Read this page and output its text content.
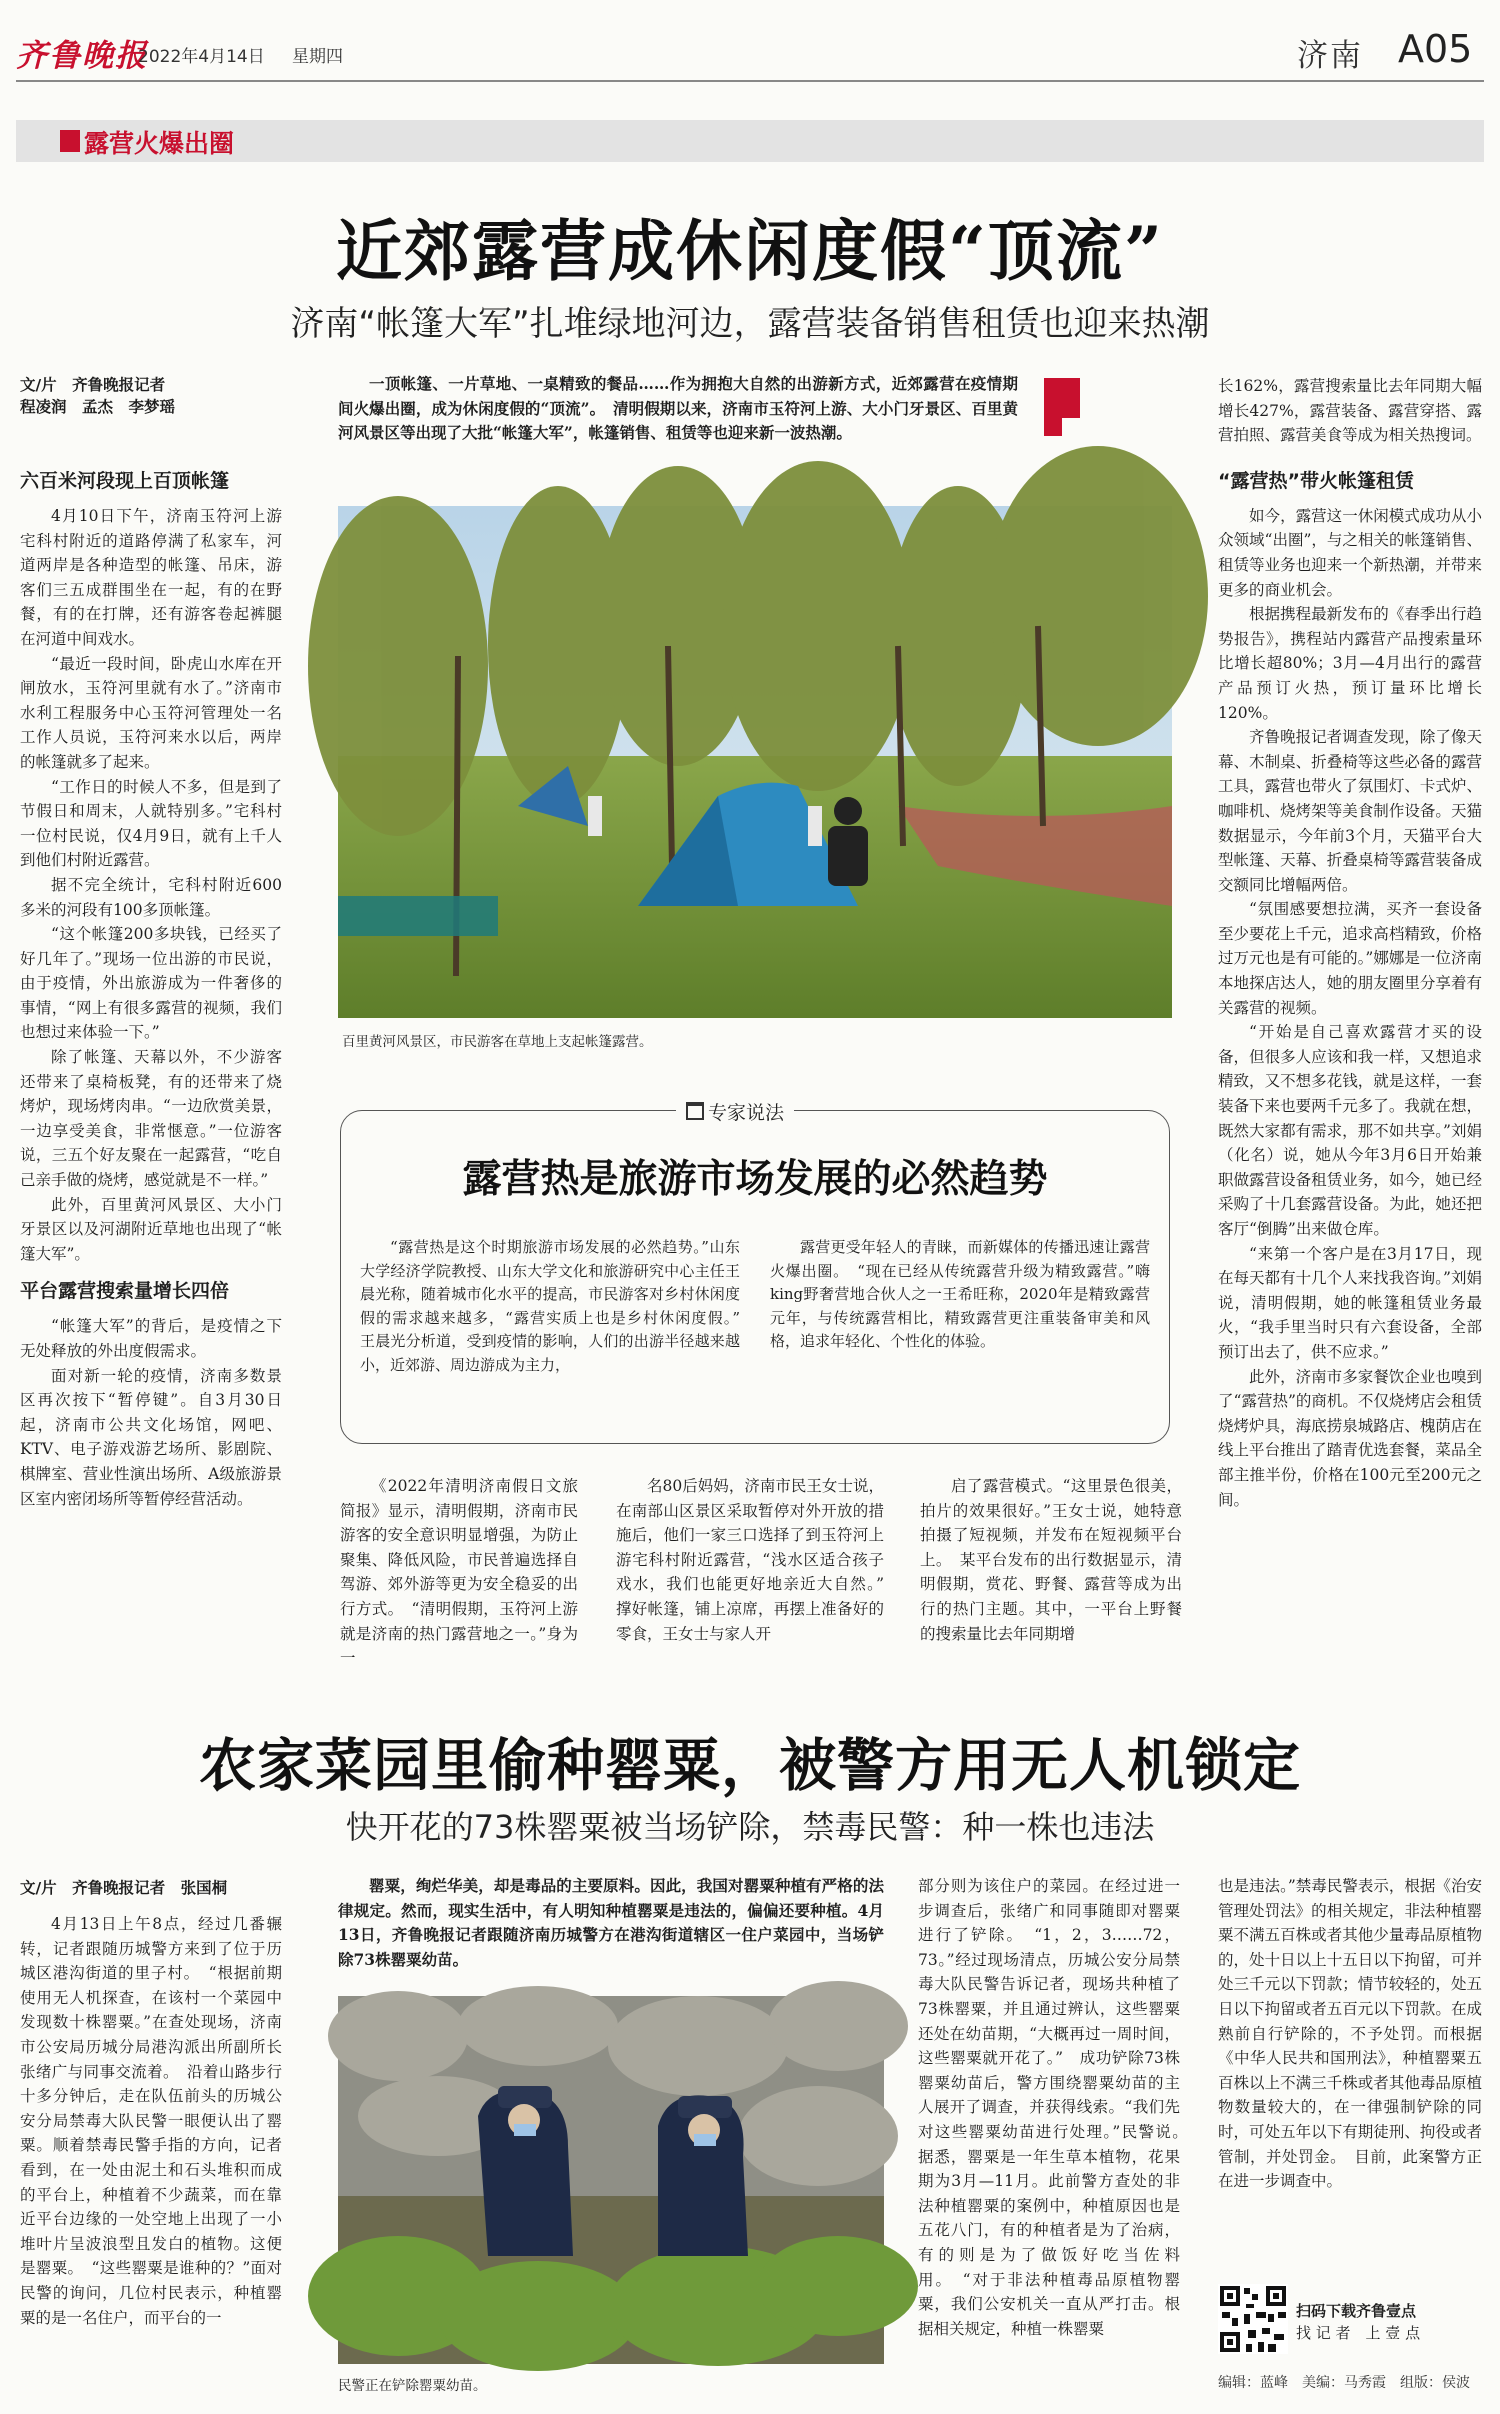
齐鲁晚报
2022年4月14日 星期四	济南 A05
露营火爆出圈
近郊露营成休闲度假“顶流”
济南“帐篷大军”扎堆绿地河边，露营装备销售租赁也迎来热潮
文/片　齐鲁晚报记者
程凌润　孟杰　李梦瑶
六百米河段现上百顶帐篷

4月10日下午，济南玉符河上游宅科村附近的道路停满了私家车，河道两岸是各种造型的帐篷、吊床，游客们三五成群围坐在一起，有的在野餐，有的在打牌，还有游客卷起裤腿在河道中间戏水。

“最近一段时间，卧虎山水库在开闸放水，玉符河里就有水了。”济南市水利工程服务中心玉符河管理处一名工作人员说，玉符河来水以后，两岸的帐篷就多了起来。

“工作日的时候人不多，但是到了节假日和周末，人就特别多。”宅科村一位村民说，仅4月9日，就有上千人到他们村附近露营。

据不完全统计，宅科村附近600多米的河段有100多顶帐篷。

“这个帐篷200多块钱，已经买了好几年了。”现场一位出游的市民说，由于疫情，外出旅游成为一件奢侈的事情，“网上有很多露营的视频，我们也想过来体验一下。”

除了帐篷、天幕以外，不少游客还带来了桌椅板凳，有的还带来了烧烤炉，现场烤肉串。“一边欣赏美景，一边享受美食，非常惬意。”一位游客说，三五个好友聚在一起露营，“吃自己亲手做的烧烤，感觉就是不一样。”

此外，百里黄河风景区、大小门牙景区以及河湖附近草地也出现了“帐篷大军”。

平台露营搜索量增长四倍

“帐篷大军”的背后，是疫情之下无处释放的外出度假需求。

面对新一轮的疫情，济南多数景区再次按下“暂停键”。自3月30日起，济南市公共文化场馆，网吧、KTV、电子游戏游艺场所、影剧院、棋牌室、营业性演出场所、A级旅游景区室内密闭场所等暂停经营活动。

一顶帐篷、一片草地、一桌精致的餐品……作为拥抱大自然的出游新方式，近郊露营在疫情期间火爆出圈，成为休闲度假的“顶流”。　清明假期以来，济南市玉符河上游、大小门牙景区、百里黄河风景区等出现了大批“帐篷大军”，帐篷销售、租赁等也迎来新一波热潮。

百里黄河风景区，市民游客在草地上支起帐篷露营。
专家说法
露营热是旅游市场发展的必然趋势

“露营热是这个时期旅游市场发展的必然趋势。”山东大学经济学院教授、山东大学文化和旅游研究中心主任王晨光称，随着城市化水平的提高，市民游客对乡村休闲度假的需求越来越多，“露营实质上也是乡村休闲度假。”　王晨光分析道，受到疫情的影响，人们的出游半径越来越小，近郊游、周边游成为主力，

露营更受年轻人的青睐，而新媒体的传播迅速让露营火爆出圈。　“现在已经从传统露营升级为精致露营。”嗨king野奢营地合伙人之一王希旺称，2020年是精致露营元年，与传统露营相比，精致露营更注重装备审美和风格，追求年轻化、个性化的体验。

《2022年清明济南假日文旅简报》显示，清明假期，济南市民游客的安全意识明显增强，为防止聚集、降低风险，市民普遍选择自驾游、郊外游等更为安全稳妥的出行方式。　“清明假期，玉符河上游就是济南的热门露营地之一。”身为一

名80后妈妈，济南市民王女士说，在南部山区景区采取暂停对外开放的措施后，他们一家三口选择了到玉符河上游宅科村附近露营，“浅水区适合孩子戏水，我们也能更好地亲近大自然。”　撑好帐篷，铺上凉席，再摆上准备好的零食，王女士与家人开

启了露营模式。“这里景色很美，拍片的效果很好。”王女士说，她特意拍摄了短视频，并发布在短视频平台上。　某平台发布的出行数据显示，清明假期，赏花、野餐、露营等成为出行的热门主题。其中，一平台上野餐的搜索量比去年同期增

长162%，露营搜索量比去年同期大幅增长427%，露营装备、露营穿搭、露营拍照、露营美食等成为相关热搜词。

“露营热”带火帐篷租赁

如今，露营这一休闲模式成功从小众领域“出圈”，与之相关的帐篷销售、租赁等业务也迎来一个新热潮，并带来更多的商业机会。

根据携程最新发布的《春季出行趋势报告》，携程站内露营产品搜索量环比增长超80%；3月—4月出行的露营产品预订火热，预订量环比增长120%。

齐鲁晚报记者调查发现，除了像天幕、木制桌、折叠椅等这些必备的露营工具，露营也带火了氛围灯、卡式炉、咖啡机、烧烤架等美食制作设备。天猫数据显示，今年前3个月，天猫平台大型帐篷、天幕、折叠桌椅等露营装备成交额同比增幅两倍。

“氛围感要想拉满，买齐一套设备至少要花上千元，追求高档精致，价格过万元也是有可能的。”娜娜是一位济南本地探店达人，她的朋友圈里分享着有关露营的视频。

“开始是自己喜欢露营才买的设备，但很多人应该和我一样，又想追求精致，又不想多花钱，就是这样，一套装备下来也要两千元多了。我就在想，既然大家都有需求，那不如共享。”刘娟（化名）说，她从今年3月6日开始兼职做露营设备租赁业务，如今，她已经采购了十几套露营设备。为此，她还把客厅“倒腾”出来做仓库。

“来第一个客户是在3月17日，现在每天都有十几个人来找我咨询。”刘娟说，清明假期，她的帐篷租赁业务最火，“我手里当时只有六套设备，全部预订出去了，供不应求。”

此外，济南市多家餐饮企业也嗅到了“露营热”的商机。不仅烧烤店会租赁烧烤炉具，海底捞泉城路店、槐荫店在线上平台推出了踏青优选套餐，菜品全部主推半份，价格在100元至200元之间。

农家菜园里偷种罂粟，被警方用无人机锁定
快开花的73株罂粟被当场铲除，禁毒民警：种一株也违法
文/片　齐鲁晚报记者　张国桐

4月13日上午8点，经过几番辗转，记者跟随历城警方来到了位于历城区港沟街道的里子村。　“根据前期使用无人机探查，在该村一个菜园中发现数十株罂粟。”在查处现场，济南市公安局历城分局港沟派出所副所长张绪广与同事交流着。　沿着山路步行十多分钟后，走在队伍前头的历城公安分局禁毒大队民警一眼便认出了罂粟。顺着禁毒民警手指的方向，记者看到，在一处由泥土和石头堆积而成的平台上，种植着不少蔬菜，而在靠近平台边缘的一处空地上出现了一小堆叶片呈波浪型且发白的植物。这便是罂粟。　“这些罂粟是谁种的？”面对民警的询问，几位村民表示，种植罂粟的是一名住户，而平台的一

罂粟，绚烂华美，却是毒品的主要原料。因此，我国对罂粟种植有严格的法律规定。然而，现实生活中，有人明知种植罂粟是违法的，偏偏还要种植。4月13日，齐鲁晚报记者跟随济南历城警方在港沟街道辖区一住户菜园中，当场铲除73株罂粟幼苗。

民警正在铲除罂粟幼苗。

部分则为该住户的菜园。在经过进一步调查后，张绪广和同事随即对罂粟进行了铲除。　“1，2，3……72，73。”经过现场清点，历城公安分局禁毒大队民警告诉记者，现场共种植了73株罂粟，并且通过辨认，这些罂粟还处在幼苗期，“大概再过一周时间，这些罂粟就开花了。”　成功铲除73株罂粟幼苗后，警方围绕罂粟幼苗的主人展开了调查，并获得线索。“我们先对这些罂粟幼苗进行处理。”民警说。　据悉，罂粟是一年生草本植物，花果期为3月—11月。此前警方查处的非法种植罂粟的案例中，种植原因也是五花八门，有的种植者是为了治病，有的则是为了做饭好吃当佐料用。　“对于非法种植毒品原植物罂粟，我们公安机关一直从严打击。根据相关规定，种植一株罂粟

也是违法。”禁毒民警表示，根据《治安管理处罚法》的相关规定，非法种植罂粟不满五百株或者其他少量毒品原植物的，处十日以上十五日以下拘留，可并处三千元以下罚款；情节较轻的，处五日以下拘留或者五百元以下罚款。在成熟前自行铲除的，不予处罚。而根据《中华人民共和国刑法》，种植罂粟五百株以上不满三千株或者其他毒品原植物数量较大的，在一律强制铲除的同时，可处五年以下有期徒刑、拘役或者管制，并处罚金。　目前，此案警方正在进一步调查中。

扫码下载齐鲁壹点
找 记 者　上 壹 点
编辑：蓝峰　美编：马秀霞　组版：侯波
